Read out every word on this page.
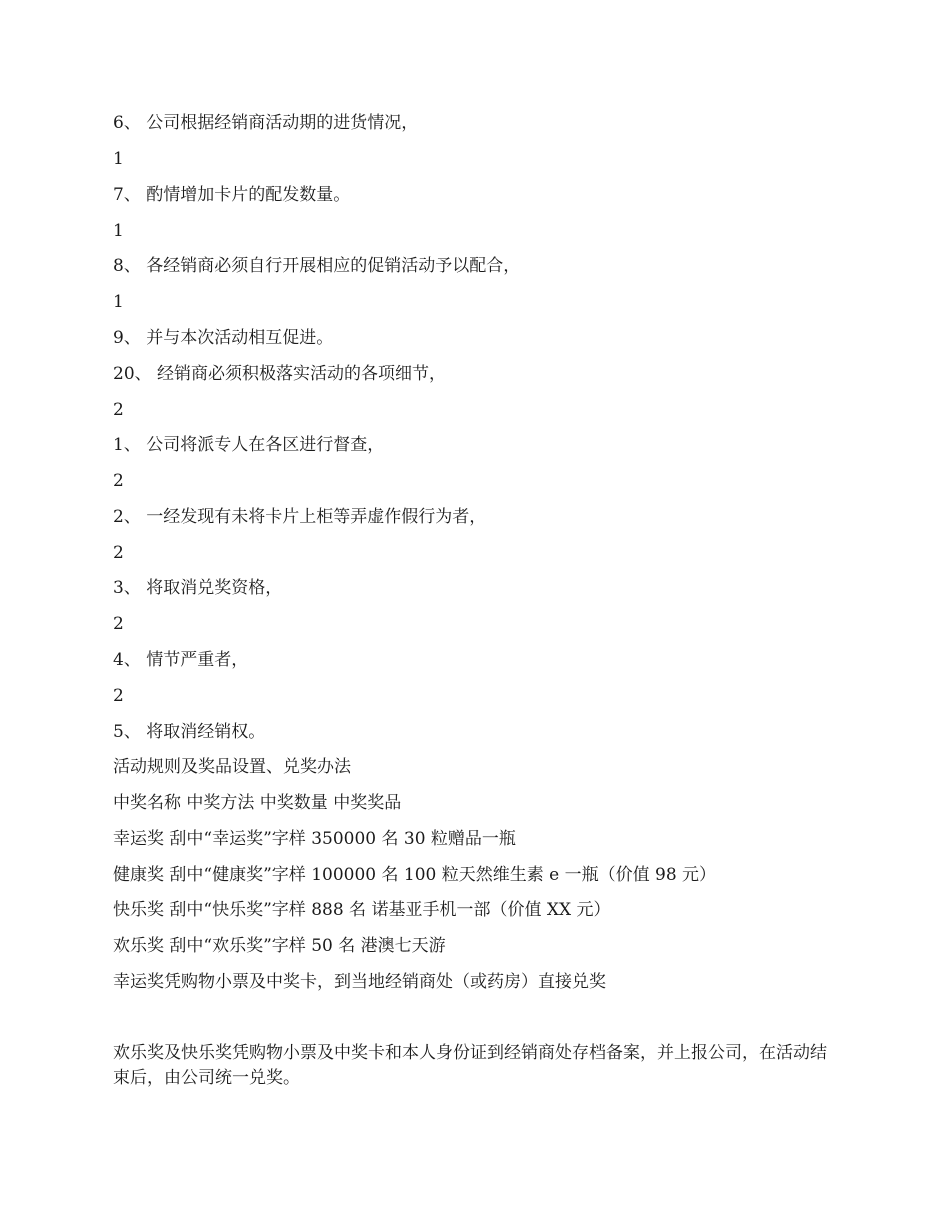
6、 公司根据经销商活动期的进货情况，
1
7、 酌情增加卡片的配发数量。
1
8、 各经销商必须自行开展相应的促销活动予以配合，
1
9、 并与本次活动相互促进。
20、 经销商必须积极落实活动的各项细节，
2
1、 公司将派专人在各区进行督查，
2
2、 一经发现有未将卡片上柜等弄虚作假行为者，
2
3、 将取消兑奖资格，
2
4、 情节严重者，
2
5、 将取消经销权。
活动规则及奖品设置、兑奖办法
中奖名称 中奖方法 中奖数量 中奖奖品
幸运奖 刮中“幸运奖”字样 350000 名 30 粒赠品一瓶
健康奖 刮中“健康奖”字样 100000 名 100 粒天然维生素 e 一瓶（价值 98 元）
快乐奖 刮中“快乐奖”字样 888 名 诺基亚手机一部（价值 XX 元）
欢乐奖 刮中“欢乐奖”字样 50 名 港澳七天游
幸运奖凭购物小票及中奖卡，到当地经销商处（或药房）直接兑奖
欢乐奖及快乐奖凭购物小票及中奖卡和本人身份证到经销商处存档备案，并上报公司，在活动结束后，由公司统一兑奖。
